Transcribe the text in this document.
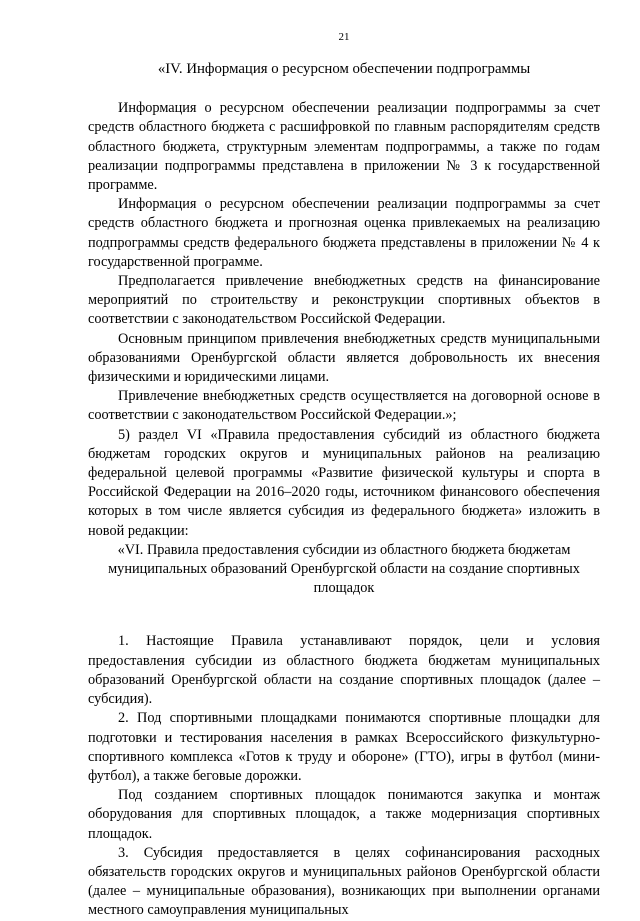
21
«IV. Информация о ресурсном обеспечении подпрограммы

Информация о ресурсном обеспечении реализации подпрограммы за счет средств областного бюджета с расшифровкой по главным распорядителям средств областного бюджета, структурным элементам подпрограммы, а также по годам реализации подпрограммы представлена в приложении № 3 к государственной программе.

Информация о ресурсном обеспечении реализации подпрограммы за счет средств областного бюджета и прогнозная оценка привлекаемых на реализацию подпрограммы средств федерального бюджета представлены в приложении № 4 к государственной программе.

Предполагается привлечение внебюджетных средств на финансирование мероприятий по строительству и реконструкции спортивных объектов в соответствии с законодательством Российской Федерации.

Основным принципом привлечения внебюджетных средств муниципальными образованиями Оренбургской области является добровольность их внесения физическими и юридическими лицами.

Привлечение внебюджетных средств осуществляется на договорной основе в соответствии с законодательством Российской Федерации.»;

5) раздел VI «Правила предоставления субсидий из областного бюджета бюджетам городских округов и муниципальных районов на реализацию федеральной целевой программы «Развитие физической культуры и спорта в Российской Федерации на 2016–2020 годы, источником финансового обеспечения которых в том числе является субсидия из федерального бюджета» изложить в новой редакции:

«VI. Правила предоставления субсидии из областного бюджета бюджетам муниципальных образований Оренбургской области на создание спортивных площадок

1. Настоящие Правила устанавливают порядок, цели и условия предоставления субсидии из областного бюджета бюджетам муниципальных образований Оренбургской области на создание спортивных площадок (далее – субсидия).

2. Под спортивными площадками понимаются спортивные площадки для подготовки и тестирования населения в рамках Всероссийского физкультурно-спортивного комплекса «Готов к труду и обороне» (ГТО), игры в футбол (мини-футбол), а также беговые дорожки.

Под созданием спортивных площадок понимаются закупка и монтаж оборудования для спортивных площадок, а также модернизация спортивных площадок.

3. Субсидия предоставляется в целях софинансирования расходных обязательств городских округов и муниципальных районов Оренбургской области (далее – муниципальные образования), возникающих при выполнении органами местного самоуправления муниципальных
